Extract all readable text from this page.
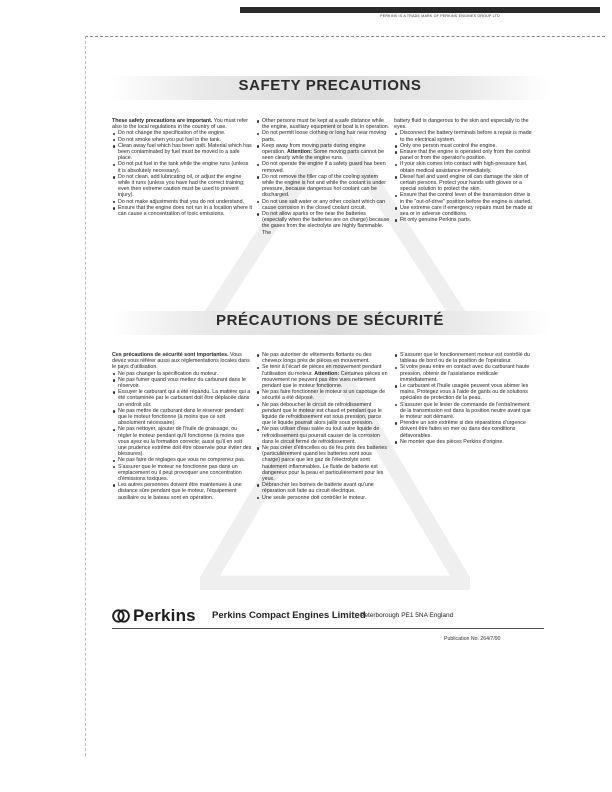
PERKINS IS A TRADE MARK OF PERKINS ENGINES GROUP LTD
SAFETY PRECAUTIONS
These safety precautions are important. You must refer also to the local regulations in the country of use.
Do not change the specification of the engine.
Do not smoke when you put fuel in the tank.
Clean away fuel which has been spilt. Material which has been contaminated by fuel must be moved to a safe place.
Do not put fuel in the tank while the engine runs (unless it is absolutely necessary).
Do not clean, add lubricating oil, or adjust the engine while it runs (unless you have had the correct training; even then extreme caution must be used to prevent injury).
Do not make adjustments that you do not understand.
Ensure that the engine does not run in a location where it can cause a concentration of toxic emissions.
Other persons must be kept at a safe distance while the engine, auxiliary equipment or boat is in operation.
Do not permit loose clothing or long hair near moving parts.
Keep away from moving parts during engine operation. Attention: Some moving parts cannot be seen clearly while the engine runs.
Do not operate the engine if a safety guard has been removed.
Do not remove the filler cap of the cooling system while the engine is hot and while the coolant is under pressure, because dangerous hot coolant can be discharged.
Do not use salt water or any other coolant which can cause corrosion in the closed coolant circuit.
Do not allow sparks or fire near the batteries (especially when the batteries are on charge) because the gases from the electrolyte are highly flammable. The
battery fluid is dangerous to the skin and especially to the eyes.
Disconnect the battery terminals before a repair is made to the electrical system.
Only one person must control the engine.
Ensure that the engine is operated only from the control panel or from the operator's position.
If your skin comes into contact with high-pressure fuel, obtain medical assistance immediately.
Diesel fuel and used engine oil can damage the skin of certain persons. Protect your hands with gloves or a special solution to protect the skin.
Ensure that the control lever of the transmission drive is in the "out-of-drive" position before the engine is started.
Use extreme care if emergency repairs must be made at sea or in adverse conditions.
Fit only genuine Perkins parts.
PRÉCAUTIONS DE SÉCURITÉ
Ces précautions de sécurité sont importantes. Vous devez vous référer aussi aux réglementations locales dans le pays d'utilisation.
Ne pas changer la spécification du moteur.
Ne pas fumer quand vous mettez du carburant dans le réservoir.
Essuyer le carburant qui a été répandu. La matière qui a été contaminée par le carburant doit être déplacée dans un endroit sûr.
Ne pas mettre de carburant dans le réservoir pendant que le moteur fonctionne (à moins que ce soit absolument nécessaire).
Ne pas nettoyer, ajouter de l'huile de graissage, ou régler le moteur pendant qu'il fonctionne (à moins que vous ayez eu la formation correcte; aussi qu'il en soit une prudence extrême doit être observée pour éviter des blessures).
Ne pas faire de réglages que vous ne comprenez pas.
S'assurer que le moteur ne fonctionne pas dans un emplacement ou il peut provoquer une concentration d'émissions toxiques.
Les autres personnes doivent être maintenues à une distance sûre pendant que le moteur, l'équipement auxiliaire ou le bateau sont en opération.
Ne pas autoriser de vêtements flottants ou des cheveux longs près de pièces en mouvement.
Se tenir à l'écart de pièces en mouvement pendant l'utilisation du moteur. Attention: Certaines pièces en mouvement ne peuvent pas être vues nettement pendant que le moteur fonctionne.
Ne pas faire fonctionner le moteur si un capotage de sécurité a été déposé.
Ne pas déboucher le circuit de refroidissement pendant que le moteur est chaud et pendant que le liquide de refroidissement est sous pression, parce que le liquide pourrait alors jaillir sous pression.
Ne pas utiliser d'eau salée ou tout autre liquide de refroidissement qui pourrait causer de la corrosion dans le circuit fermé de refroidissement.
Ne pas créer d'étincelles ou de feu près des batteries (particulièrement quand les batteries sont sous charge) parce que les gaz de l'électrolyte sont hautement inflammables. Le fluide de batterie est dangereux pour la peau et particulièrement pour les yeux.
Débrancher les bornes de batterie avant qu'une réparation soit faite au circuit électrique.
Une seule personne doit contrôler le moteur.
S'assurer que le fonctionnement moteur est contrôlé du tableau de bord ou de la position de l'opérateur.
Si votre peau entre en contact avec du carburant haute pression, obtenir de l'assistance médicale immédiatement.
Le carburant et l'huile usagée peuvent vous abimer les mains. Protegez vous à l'aide de gants ou de solutions spéciales de protection de la peau.
S'assurer que le levier de commande de l'entraînement de la transmission est dans la position neutre avant que le moteur soit démarré.
Prendre un soin extrême si des réparations d'urgence doivent être faites en mer ou dans des conditions défavorables.
Ne monter que des pièces Perkins d'origine.
Perkins Perkins Compact Engines Limited
Peterborough PE1 5NA England
Publication No. 264/7/90
